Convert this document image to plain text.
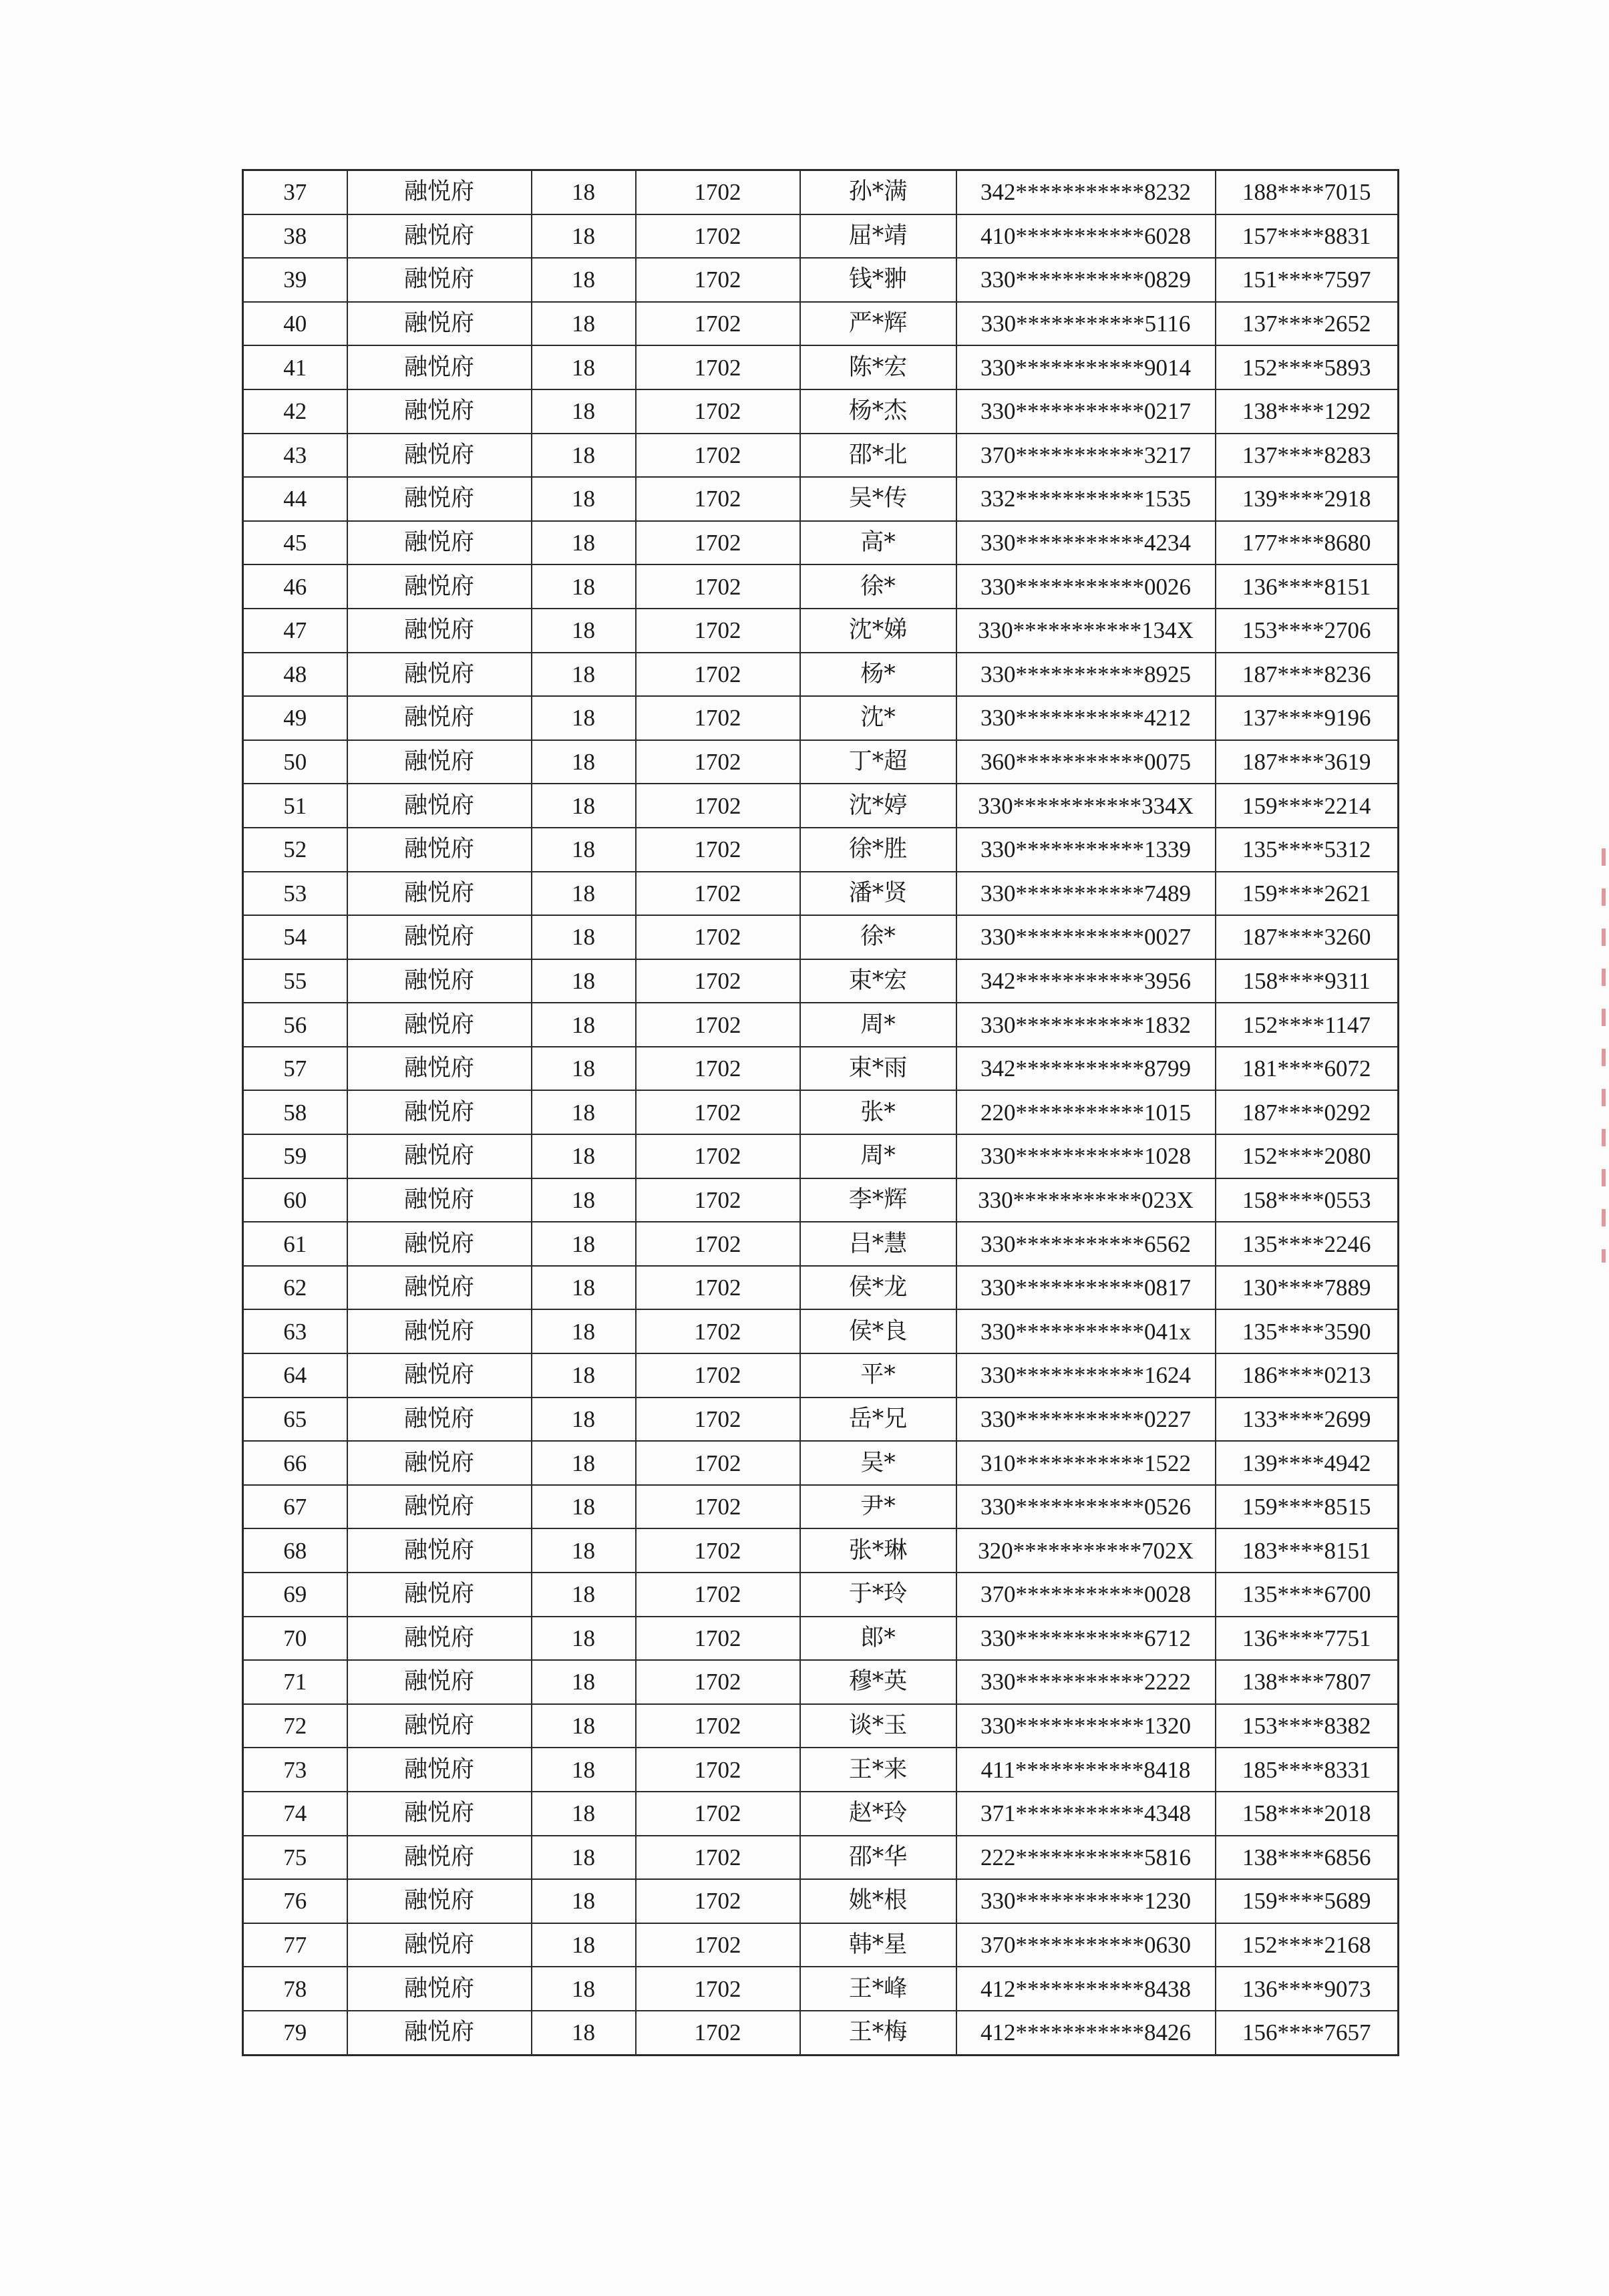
37	融悦府	18	1702	孙*满	342***********8232	188****7015
38	融悦府	18	1702	屈*靖	410***********6028	157****8831
39	融悦府	18	1702	钱*翀	330***********0829	151****7597
40	融悦府	18	1702	严*辉	330***********5116	137****2652
41	融悦府	18	1702	陈*宏	330***********9014	152****5893
42	融悦府	18	1702	杨*杰	330***********0217	138****1292
43	融悦府	18	1702	邵*北	370***********3217	137****8283
44	融悦府	18	1702	吴*传	332***********1535	139****2918
45	融悦府	18	1702	高*	330***********4234	177****8680
46	融悦府	18	1702	徐*	330***********0026	136****8151
47	融悦府	18	1702	沈*娣	330***********134X	153****2706
48	融悦府	18	1702	杨*	330***********8925	187****8236
49	融悦府	18	1702	沈*	330***********4212	137****9196
50	融悦府	18	1702	丁*超	360***********0075	187****3619
51	融悦府	18	1702	沈*婷	330***********334X	159****2214
52	融悦府	18	1702	徐*胜	330***********1339	135****5312
53	融悦府	18	1702	潘*贤	330***********7489	159****2621
54	融悦府	18	1702	徐*	330***********0027	187****3260
55	融悦府	18	1702	束*宏	342***********3956	158****9311
56	融悦府	18	1702	周*	330***********1832	152****1147
57	融悦府	18	1702	束*雨	342***********8799	181****6072
58	融悦府	18	1702	张*	220***********1015	187****0292
59	融悦府	18	1702	周*	330***********1028	152****2080
60	融悦府	18	1702	李*辉	330***********023X	158****0553
61	融悦府	18	1702	吕*慧	330***********6562	135****2246
62	融悦府	18	1702	侯*龙	330***********0817	130****7889
63	融悦府	18	1702	侯*良	330***********041x	135****3590
64	融悦府	18	1702	平*	330***********1624	186****0213
65	融悦府	18	1702	岳*兄	330***********0227	133****2699
66	融悦府	18	1702	吴*	310***********1522	139****4942
67	融悦府	18	1702	尹*	330***********0526	159****8515
68	融悦府	18	1702	张*琳	320***********702X	183****8151
69	融悦府	18	1702	于*玲	370***********0028	135****6700
70	融悦府	18	1702	郎*	330***********6712	136****7751
71	融悦府	18	1702	穆*英	330***********2222	138****7807
72	融悦府	18	1702	谈*玉	330***********1320	153****8382
73	融悦府	18	1702	王*来	411***********8418	185****8331
74	融悦府	18	1702	赵*玲	371***********4348	158****2018
75	融悦府	18	1702	邵*华	222***********5816	138****6856
76	融悦府	18	1702	姚*根	330***********1230	159****5689
77	融悦府	18	1702	韩*星	370***********0630	152****2168
78	融悦府	18	1702	王*峰	412***********8438	136****9073
79	融悦府	18	1702	王*梅	412***********8426	156****7657
